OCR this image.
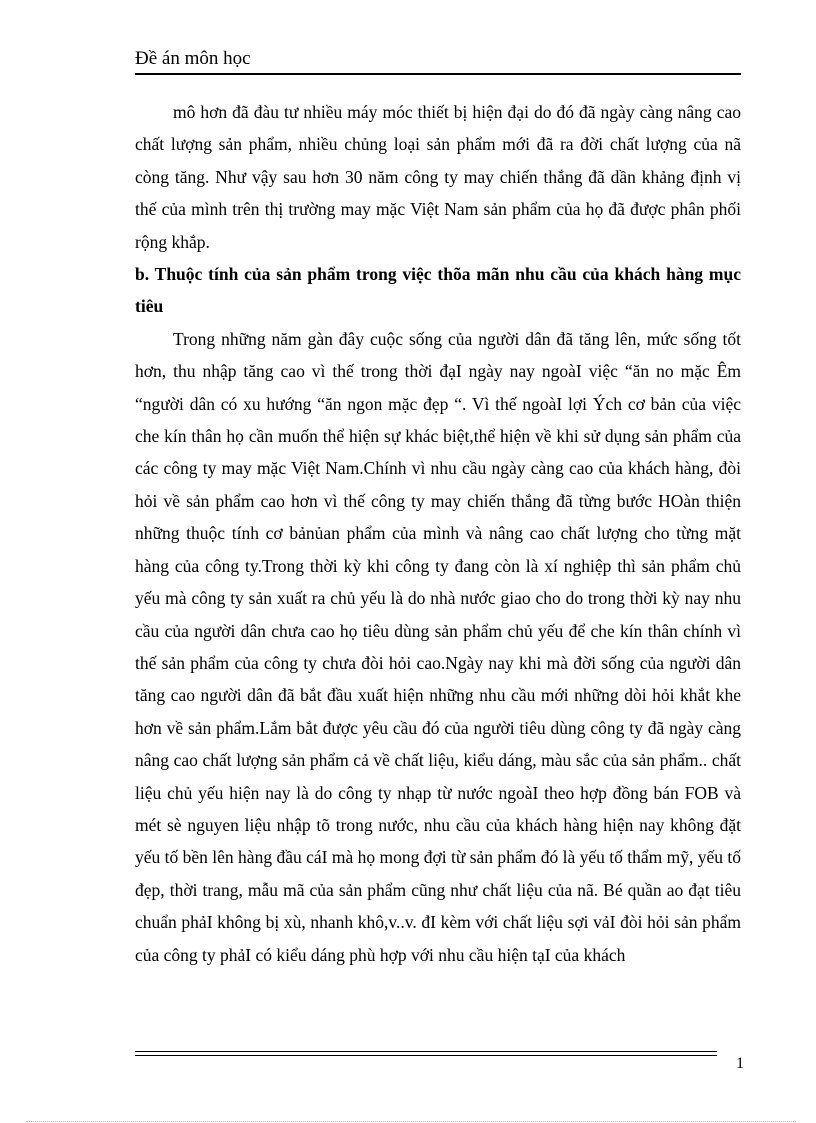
Đề án môn học

mô hơn đã đàu tư nhiều máy móc thiết bị hiện đại do đó đã ngày càng nâng cao chất lượng sản phẩm, nhiều chủng loại sản phẩm mới đã ra đời chất lượng của nã còng tăng. Như vậy sau hơn 30 năm công ty may chiến thắng đã dần khảng định vị thế của mình trên thị trường may mặc Việt Nam sản phẩm của họ đã được phân phối rộng khắp.

b. Thuộc tính của sản phẩm trong việc thõa mãn nhu cầu của khách hàng mục tiêu

Trong những năm gàn đây cuộc sống của người dân đã tăng lên, mức sống tốt hơn, thu nhập tăng cao vì thế trong thời đạI ngày nay ngoàI việc “ăn no mặc Êm “người dân có xu hướng “ăn ngon mặc đẹp “. Vì thế ngoàI lợi Ých cơ bản của việc che kín thân họ cần muốn thể hiện sự khác biệt,thể hiện về khi sử dụng sản phẩm của các công ty may mặc Việt Nam.Chính vì nhu cầu ngày càng cao của khách hàng, đòi hỏi về sản phẩm cao hơn vì thế công ty may chiến thắng đã từng bước HOàn thiện những thuộc tính cơ bảnủan phẩm của mình và nâng cao chất lượng cho từng mặt hàng của công ty.Trong thời kỳ khi công ty đang còn là xí nghiệp thì sản phẩm chủ yếu mà công ty sản xuất ra chủ yếu là do nhà nước giao cho do trong thời kỳ nay nhu cầu của người dân chưa cao họ tiêu dùng sản phẩm chủ yếu để che kín thân chính vì thế sản phẩm của công ty chưa đòi hỏi cao.Ngày nay khi mà đời sống của người dân tăng cao người dân đã bắt đầu xuất hiện những nhu cầu mới những dòi hỏi khắt khe hơn về sản phẩm.Lắm bắt được yêu cầu đó của người tiêu dùng công ty đã ngày càng nâng cao chất lượng sản phẩm cả về chất liệu, kiểu dáng, màu sắc của sản phẩm.. chất liệu chủ yếu hiện nay là do công ty nhạp từ nước ngoàI theo hợp đồng bán FOB và mét sè nguyen liệu nhập tõ trong nước, nhu cầu của khách hàng hiện nay không đặt yếu tố bền lên hàng đầu cáI mà họ mong đợi từ sản phẩm đó là yếu tố thẩm mỹ, yếu tố đẹp, thời trang, mẫu mã của sản phẩm cũng như chất liệu của nã. Bé quần ao đạt tiêu chuẩn phảI không bị xù, nhanh khô,v..v. đI kèm với chất liệu sợi vảI đòi hỏi sản phẩm của công ty phảI có kiểu dáng phù hợp với nhu cầu hiện tạI của khách

1
